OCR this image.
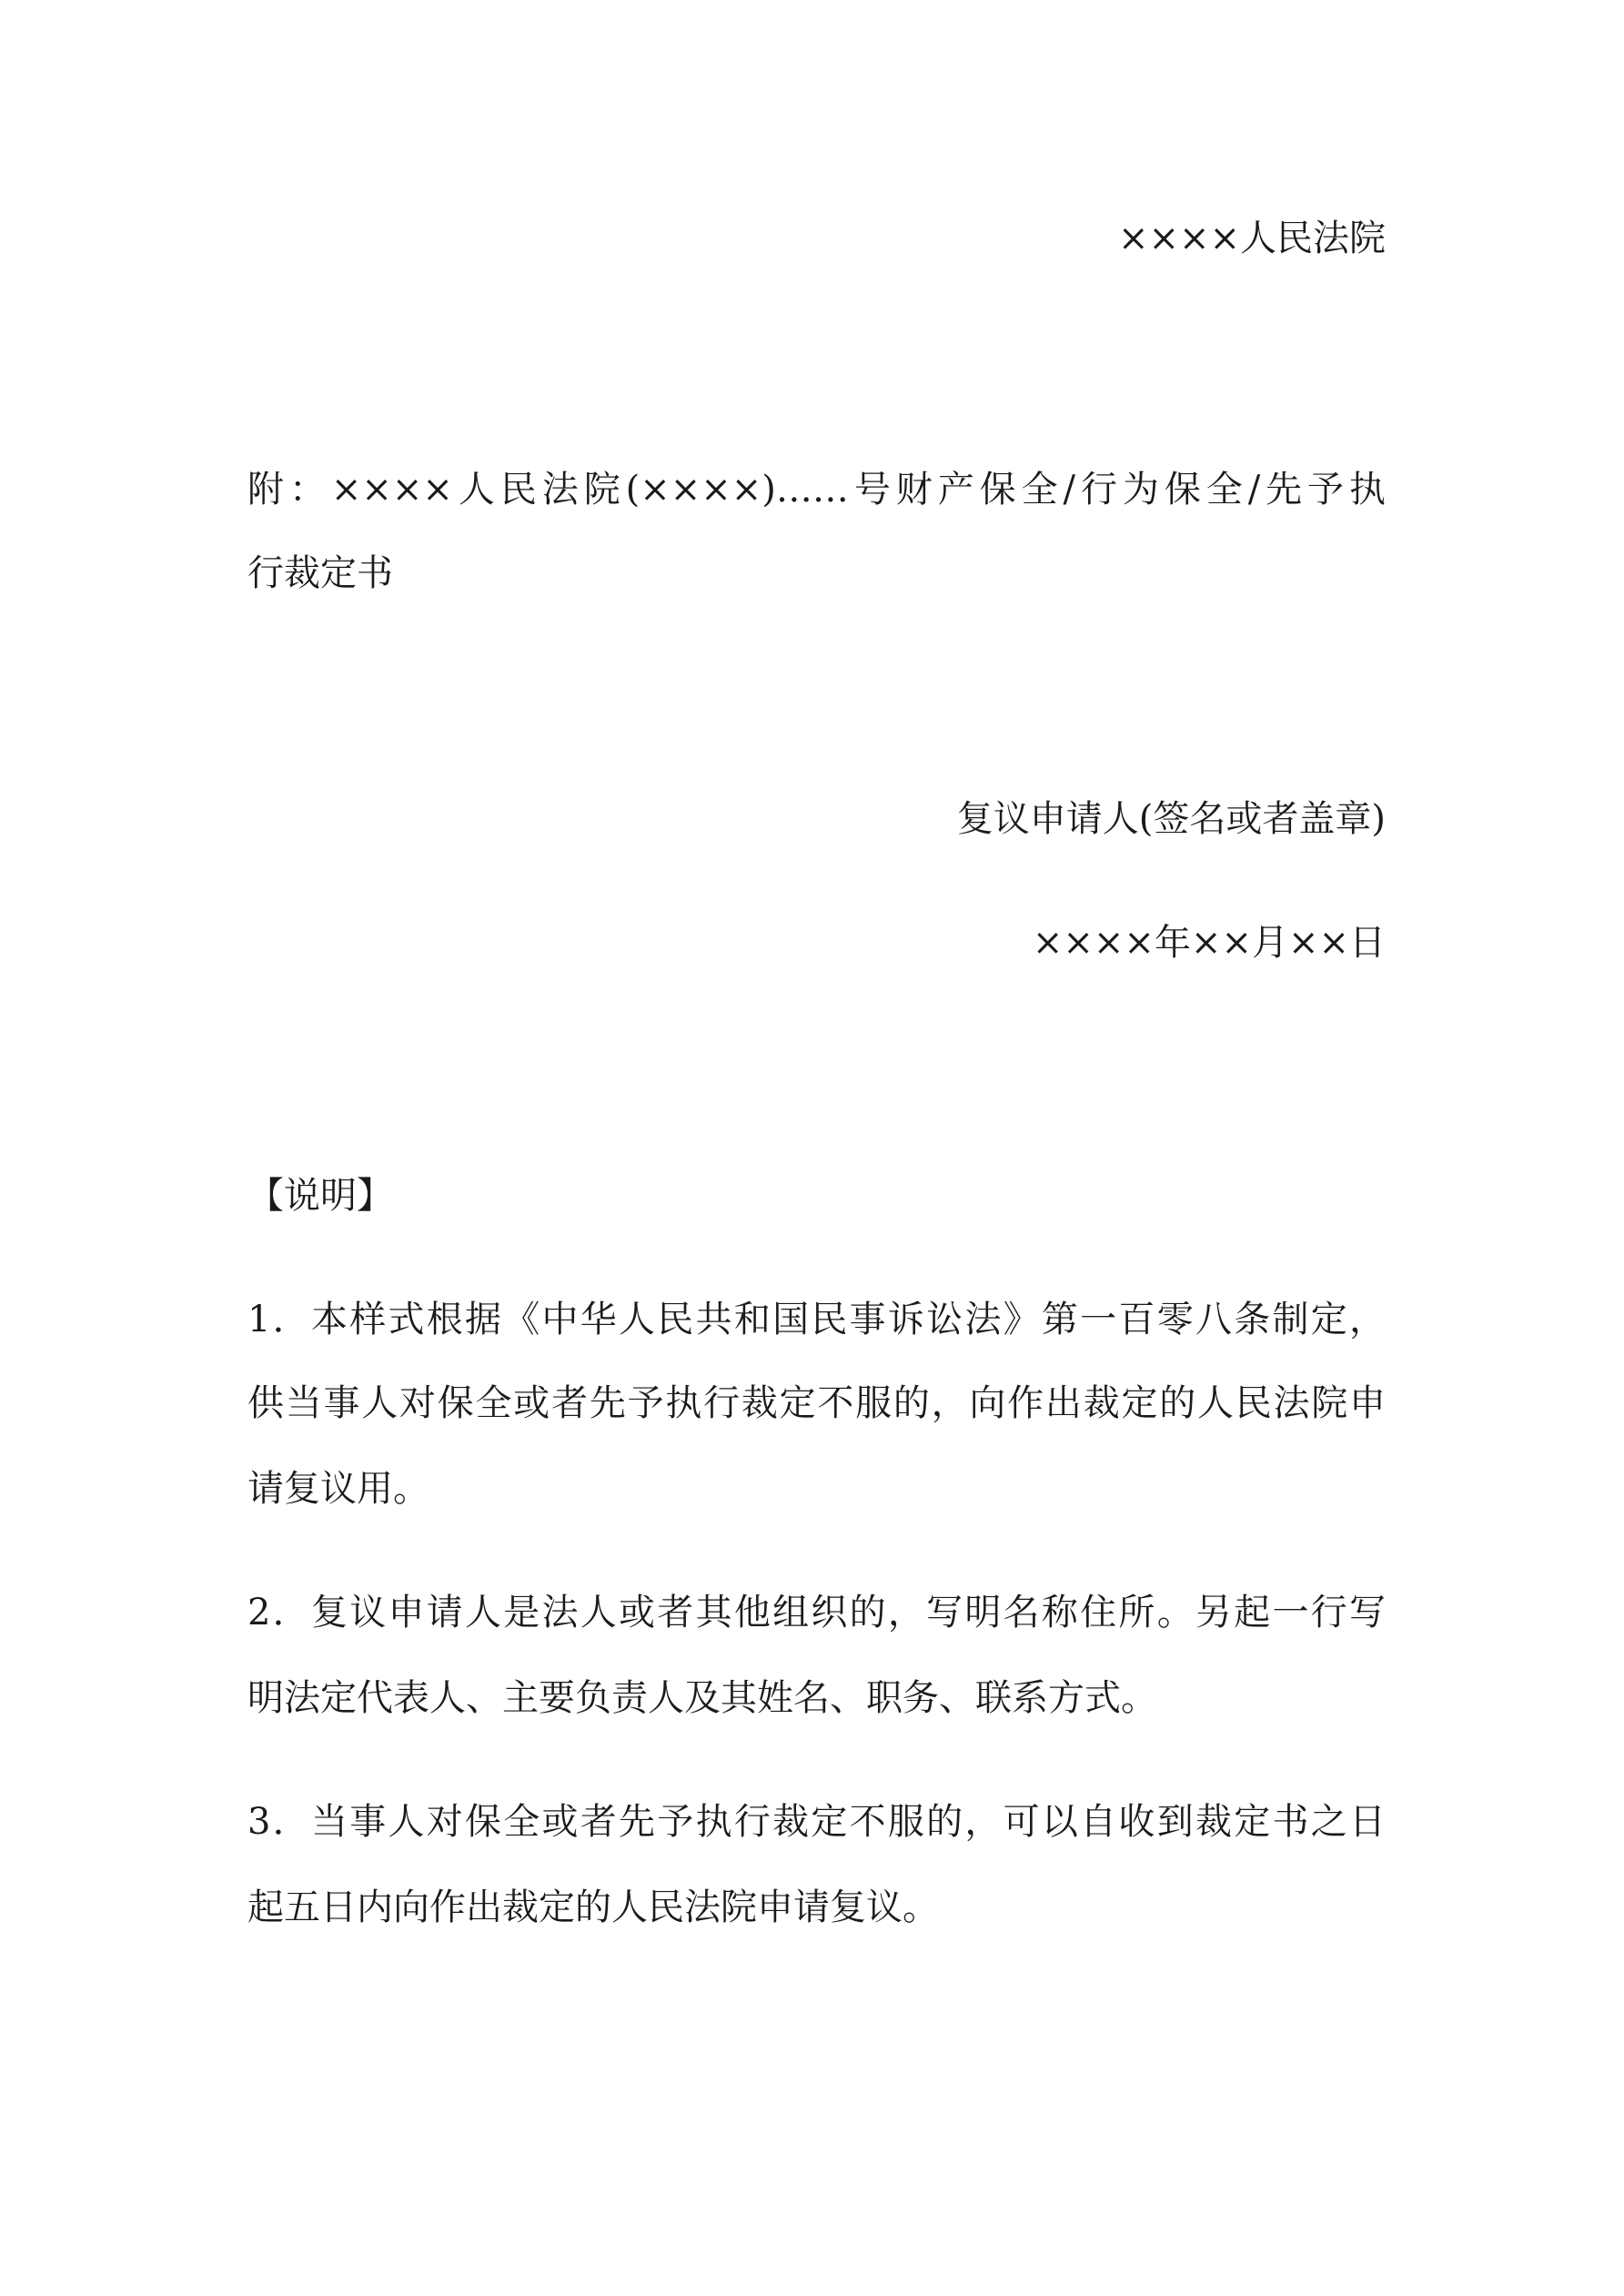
××××人民法院

附：××××人民法院(××××)……号财产保全/行为保全/先予执

行裁定书

复议申请人(签名或者盖章)

××××年××月××日

【说明】

1．本样式根据《中华人民共和国民事诉讼法》第一百零八条制定，

供当事人对保全或者先予执行裁定不服的，向作出裁定的人民法院申

请复议用。

2．复议申请人是法人或者其他组织的，写明名称住所。另起一行写

明法定代表人、主要负责人及其姓名、职务、联系方式。

3．当事人对保全或者先予执行裁定不服的，可以自收到裁定书之日

起五日内向作出裁定的人民法院申请复议。
